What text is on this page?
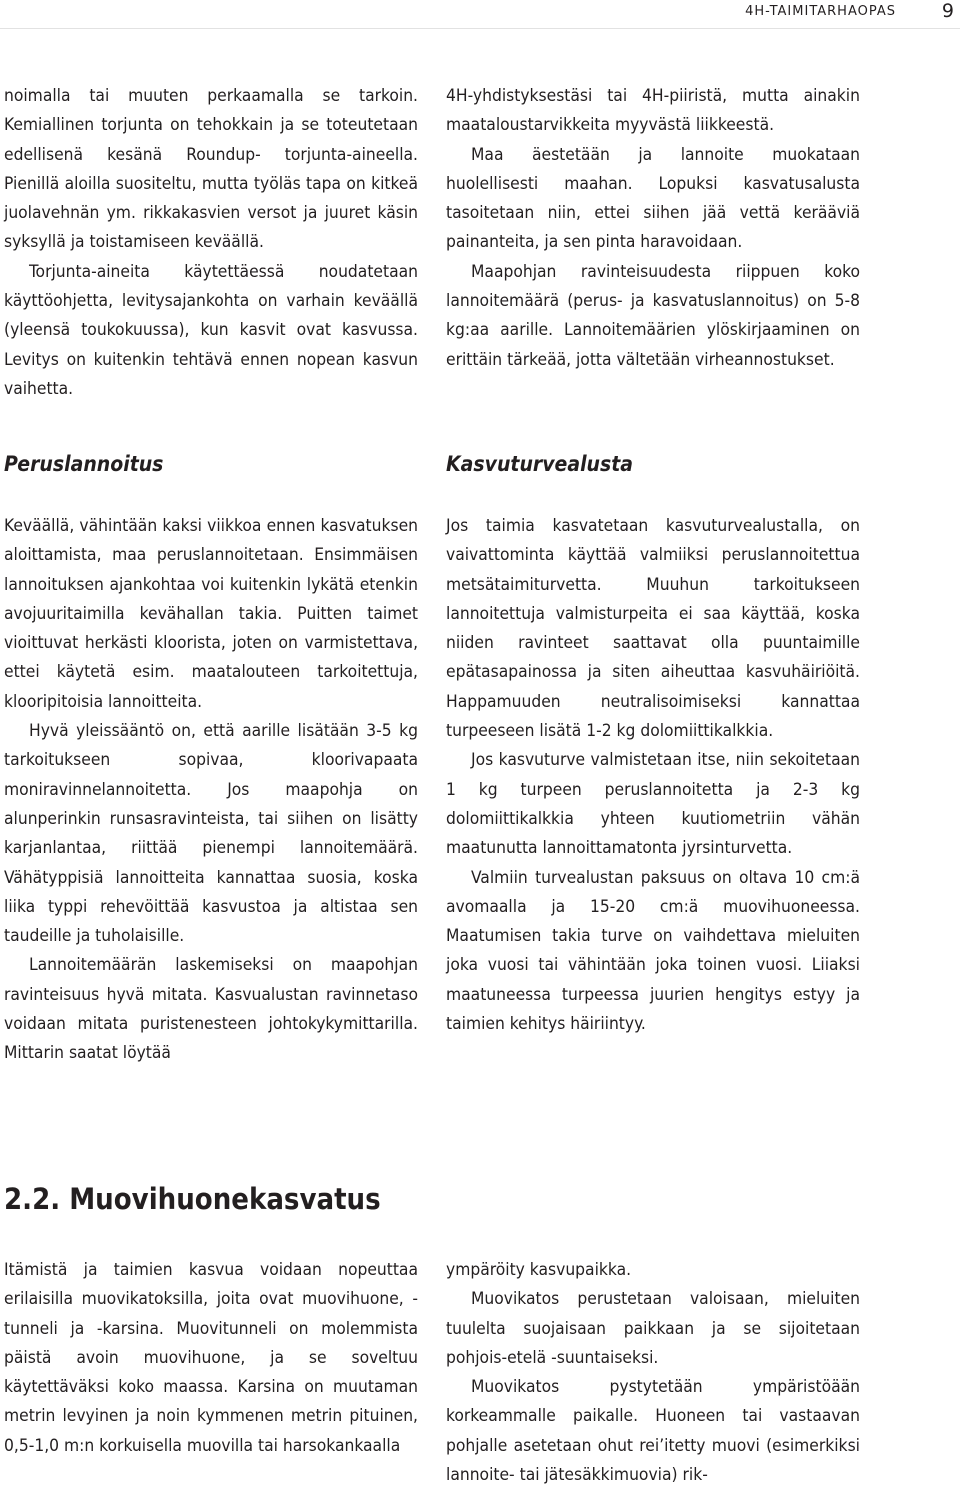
4H-TAIMITARHAOPAS 9

noimalla tai muuten perkaamalla se tarkoin. Kemiallinen torjunta on tehokkain ja se toteutetaan edellisenä kesänä Roundup- torjunta-aineella. Pienillä aloilla suositeltu, mutta työläs tapa on kitkeä juolavehnän ym. rikkakasvien versot ja juuret käsin syksyllä ja toistamiseen keväällä.

Torjunta-aineita käytettäessä noudatetaan käyttöohjetta, levitysajankohta on varhain keväällä (yleensä toukokuussa), kun kasvit ovat kasvussa. Levitys on kuitenkin tehtävä ennen nopean kasvun vaihetta.

4H-yhdistyksestäsi tai 4H-piiristä, mutta ainakin maataloustarvikkeita myyvästä liikkeestä.

Maa äestetään ja lannoite muokataan huolellisesti maahan. Lopuksi kasvatusalusta tasoitetaan niin, ettei siihen jää vettä kerääviä painanteita, ja sen pinta haravoidaan.

Maapohjan ravinteisuudesta riippuen koko lannoitemäärä (perus- ja kasvatuslannoitus) on 5-8 kg:aa aarille. Lannoitemäärien ylöskirjaaminen on erittäin tärkeää, jotta vältetään virheannostukset.

Peruslannoitus	Kasvuturvealusta

Keväällä, vähintään kaksi viikkoa ennen kasvatuksen aloittamista, maa peruslannoitetaan. Ensimmäisen lannoituksen ajankohtaa voi kuitenkin lykätä etenkin avojuuritaimilla kevähallan takia. Puitten taimet vioittuvat herkästi kloorista, joten on varmistettava, ettei käytetä esim. maatalouteen tarkoitettuja, klooripitoisia lannoitteita.

Hyvä yleissääntö on, että aarille lisätään 3-5 kg tarkoitukseen sopivaa, kloorivapaata moniravinnelannoitetta. Jos maapohja on alunperinkin runsasravinteista, tai siihen on lisätty karjanlantaa, riittää pienempi lannoitemäärä. Vähätyppisiä lannoitteita kannattaa suosia, koska liika typpi rehevöittää kasvustoa ja altistaa sen taudeille ja tuholaisille.

Lannoitemäärän laskemiseksi on maapohjan ravinteisuus hyvä mitata. Kasvualustan ravinnetaso voidaan mitata puristenesteen johtokykymittarilla. Mittarin saatat löytää

Jos taimia kasvatetaan kasvuturvealustalla, on vaivattominta käyttää valmiiksi peruslannoitettua metsätaimiturvetta. Muuhun tarkoitukseen lannoitettuja valmisturpeita ei saa käyttää, koska niiden ravinteet saattavat olla puuntaimille epätasapainossa ja siten aiheuttaa kasvuhäiriöitä. Happamuuden neutralisoimiseksi kannattaa turpeeseen lisätä 1-2 kg dolomiittikalkkia.

Jos kasvuturve valmistetaan itse, niin sekoitetaan 1 kg turpeen peruslannoitetta ja 2-3 kg dolomiittikalkkia yhteen kuutiometriin vähän maatunutta lannoittamatonta jyrsinturvetta.

Valmiin turvealustan paksuus on oltava 10 cm:ä avomaalla ja 15-20 cm:ä muovihuoneessa. Maatumisen takia turve on vaihdettava mieluiten joka vuosi tai vähintään joka toinen vuosi. Liiaksi maatuneessa turpeessa juurien hengitys estyy ja taimien kehitys häiriintyy.

2.2. Muovihuonekasvatus

Itämistä ja taimien kasvua voidaan nopeuttaa erilaisilla muovikatoksilla, joita ovat muovihuone, -tunneli ja -karsina. Muovitunneli on molemmista päistä avoin muovihuone, ja se soveltuu käytettäväksi koko maassa. Karsina on muutaman metrin levyinen ja noin kymmenen metrin pituinen, 0,5-1,0 m:n korkuisella muovilla tai harsokankaalla

ympäröity kasvupaikka.

Muovikatos perustetaan valoisaan, mieluiten tuulelta suojaisaan paikkaan ja se sijoitetaan pohjois-etelä -suuntaiseksi.

Muovikatos pystytetään ympäristöään korkeammalle paikalle. Huoneen tai vastaavan pohjalle asetetaan ohut rei’itetty muovi (esimerkiksi lannoite- tai jätesäkkimuovia) rik-
